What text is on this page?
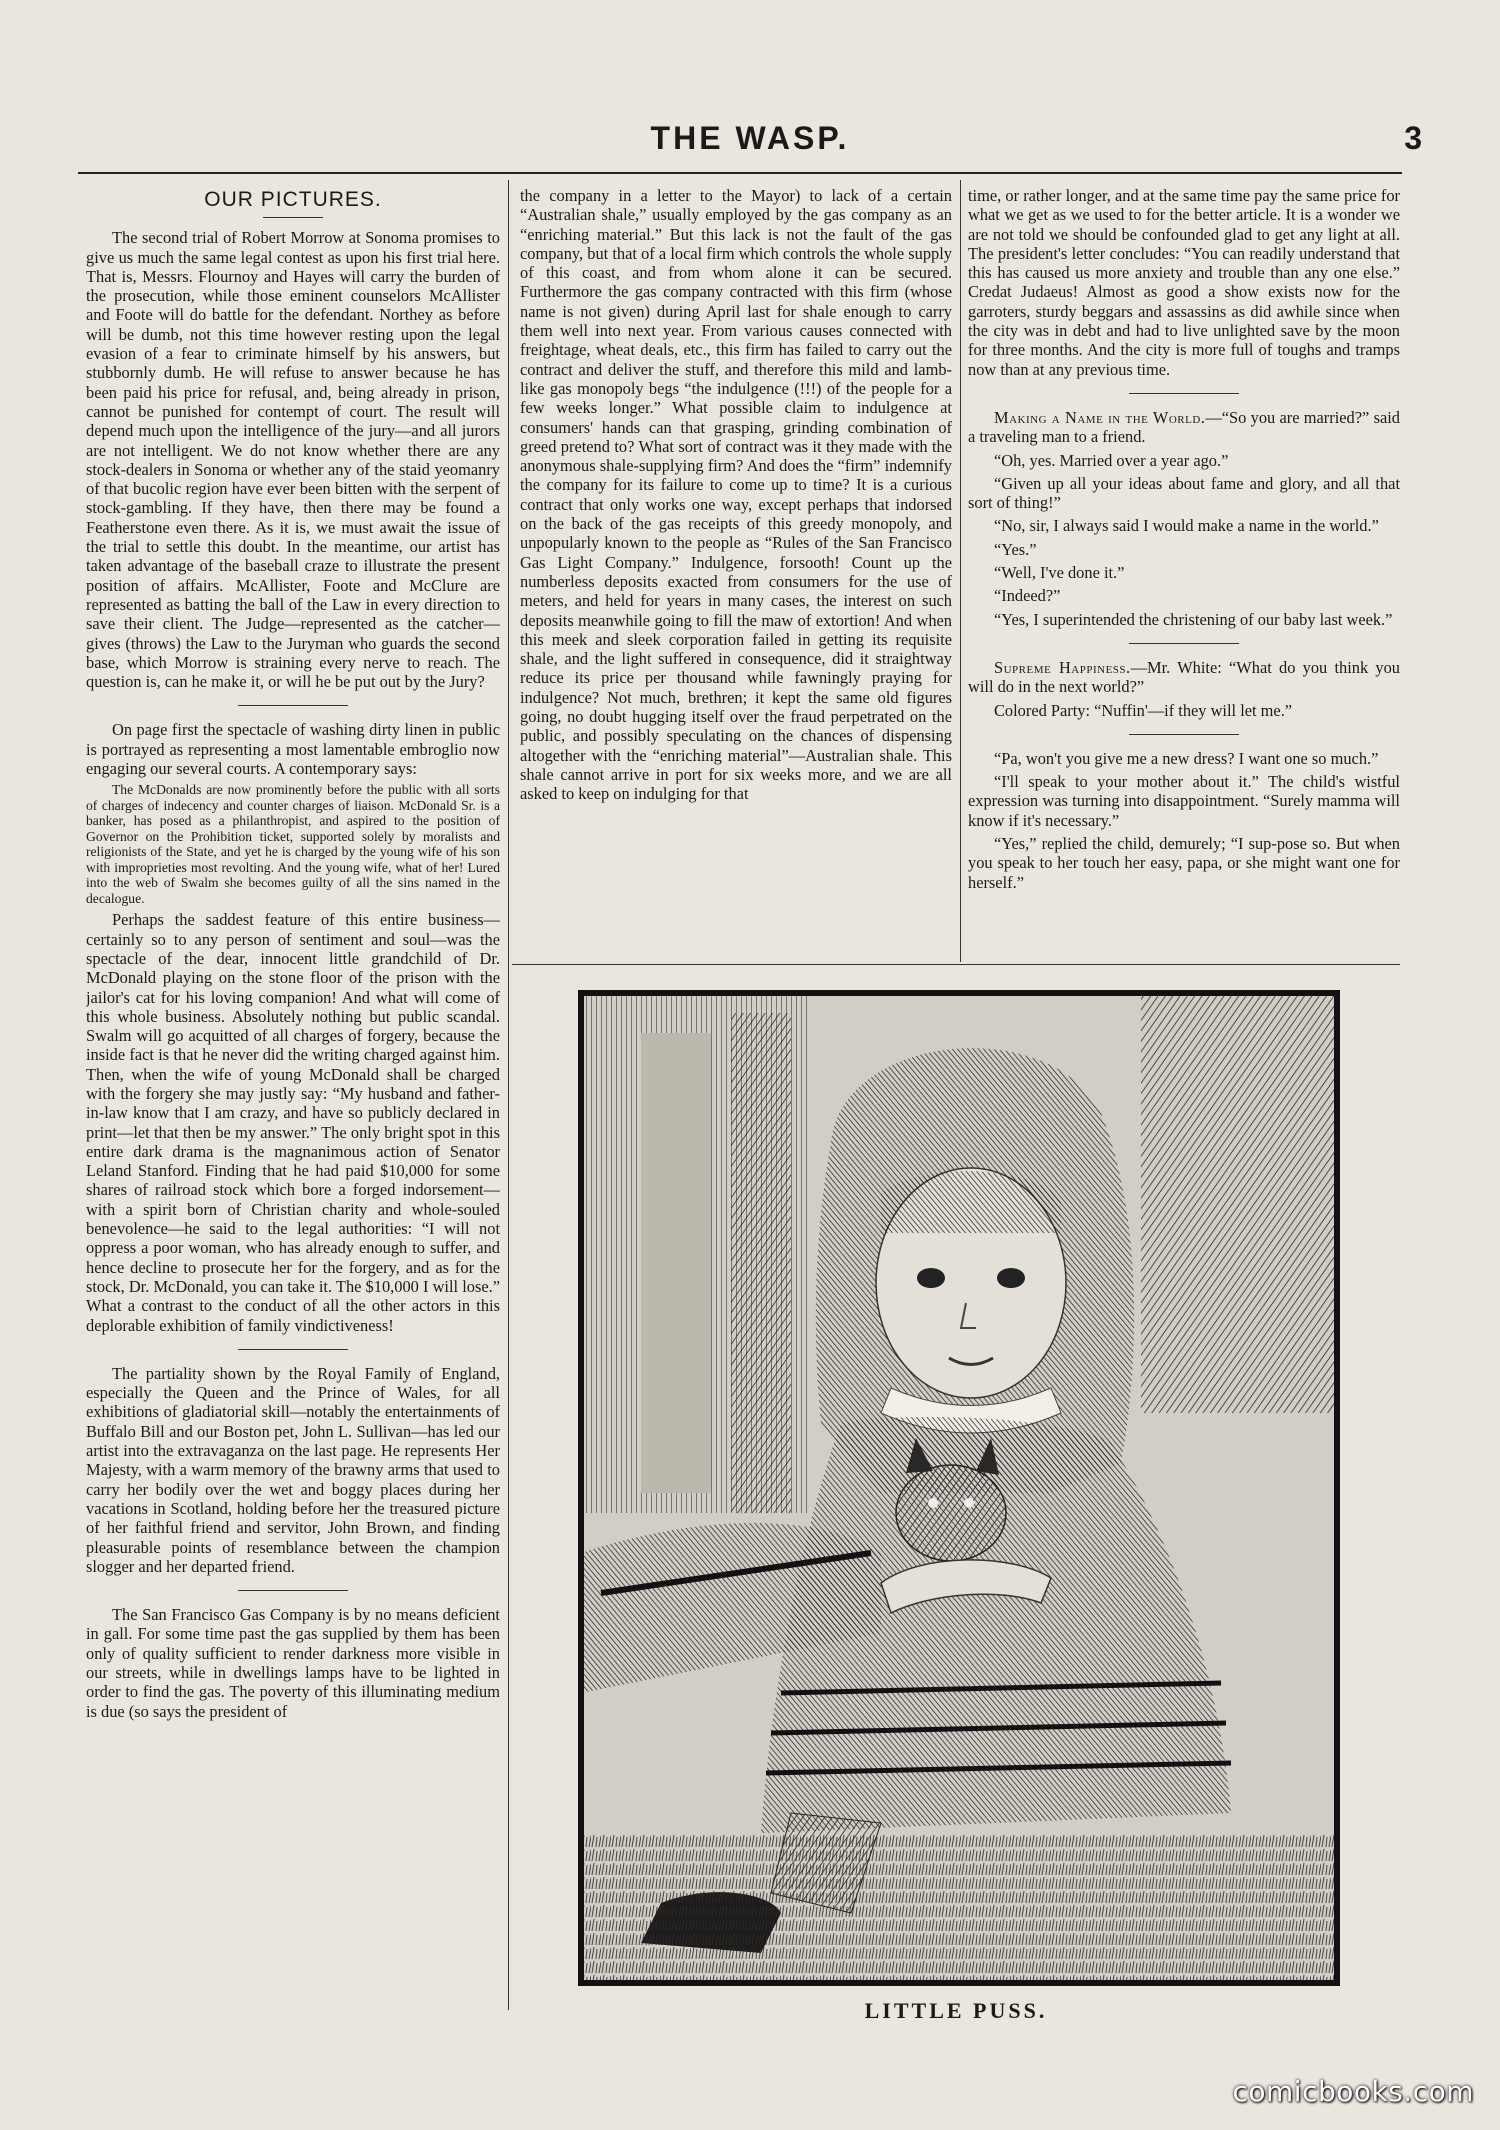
THE WASP.	3
OUR PICTURES.

The second trial of Robert Morrow at Sonoma promises to give us much the same legal contest as upon his first trial here. That is, Messrs. Flournoy and Hayes will carry the burden of the prosecution, while those eminent counselors McAllister and Foote will do battle for the defendant. Northey as before will be dumb, not this time however resting upon the legal evasion of a fear to criminate himself by his answers, but stubbornly dumb. He will refuse to answer because he has been paid his price for refusal, and, being already in prison, cannot be punished for contempt of court. The result will depend much upon the intelligence of the jury—and all jurors are not intelligent. We do not know whether there are any stock-dealers in Sonoma or whether any of the staid yeomanry of that bucolic region have ever been bitten with the serpent of stock-gambling. If they have, then there may be found a Featherstone even there. As it is, we must await the issue of the trial to settle this doubt. In the meantime, our artist has taken advantage of the baseball craze to illustrate the present position of affairs. McAllister, Foote and McClure are represented as batting the ball of the Law in every direction to save their client. The Judge—represented as the catcher—gives (throws) the Law to the Juryman who guards the second base, which Morrow is straining every nerve to reach. The question is, can he make it, or will he be put out by the Jury?

On page first the spectacle of washing dirty linen in public is portrayed as representing a most lamentable embroglio now engaging our several courts. A contemporary says:

The McDonalds are now prominently before the public with all sorts of charges of indecency and counter charges of liaison. McDonald Sr. is a banker, has posed as a philanthropist, and aspired to the position of Governor on the Prohibition ticket, supported solely by moralists and religionists of the State, and yet he is charged by the young wife of his son with improprieties most revolting. And the young wife, what of her! Lured into the web of Swalm she becomes guilty of all the sins named in the decalogue.

Perhaps the saddest feature of this entire business—certainly so to any person of sentiment and soul—was the spectacle of the dear, innocent little grandchild of Dr. McDonald playing on the stone floor of the prison with the jailor's cat for his loving companion! And what will come of this whole business. Absolutely nothing but public scandal. Swalm will go acquitted of all charges of forgery, because the inside fact is that he never did the writing charged against him. Then, when the wife of young McDonald shall be charged with the forgery she may justly say: “My husband and father-in-law know that I am crazy, and have so publicly declared in print—let that then be my answer.” The only bright spot in this entire dark drama is the magnanimous action of Senator Leland Stanford. Finding that he had paid $10,000 for some shares of railroad stock which bore a forged indorsement—with a spirit born of Christian charity and whole-souled benevolence—he said to the legal authorities: “I will not oppress a poor woman, who has already enough to suffer, and hence decline to prosecute her for the forgery, and as for the stock, Dr. McDonald, you can take it. The $10,000 I will lose.” What a contrast to the conduct of all the other actors in this deplorable exhibition of family vindictiveness!

The partiality shown by the Royal Family of England, especially the Queen and the Prince of Wales, for all exhibitions of gladiatorial skill—notably the entertainments of Buffalo Bill and our Boston pet, John L. Sullivan—has led our artist into the extravaganza on the last page. He represents Her Majesty, with a warm memory of the brawny arms that used to carry her bodily over the wet and boggy places during her vacations in Scotland, holding before her the treasured picture of her faithful friend and servitor, John Brown, and finding pleasurable points of resemblance between the champion slogger and her departed friend.

The San Francisco Gas Company is by no means deficient in gall. For some time past the gas supplied by them has been only of quality sufficient to render darkness more visible in our streets, while in dwellings lamps have to be lighted in order to find the gas. The poverty of this illuminating medium is due (so says the president of

the company in a letter to the Mayor) to lack of a certain “Australian shale,” usually employed by the gas company as an “enriching material.” But this lack is not the fault of the gas company, but that of a local firm which controls the whole supply of this coast, and from whom alone it can be secured. Furthermore the gas company contracted with this firm (whose name is not given) during April last for shale enough to carry them well into next year. From various causes connected with freightage, wheat deals, etc., this firm has failed to carry out the contract and deliver the stuff, and therefore this mild and lamb-like gas monopoly begs “the indulgence (!!!) of the people for a few weeks longer.” What possible claim to indulgence at consumers' hands can that grasping, grinding combination of greed pretend to? What sort of contract was it they made with the anonymous shale-supplying firm? And does the “firm” indemnify the company for its failure to come up to time? It is a curious contract that only works one way, except perhaps that indorsed on the back of the gas receipts of this greedy monopoly, and unpopularly known to the people as “Rules of the San Francisco Gas Light Company.” Indulgence, forsooth! Count up the numberless deposits exacted from consumers for the use of meters, and held for years in many cases, the interest on such deposits meanwhile going to fill the maw of extortion! And when this meek and sleek corporation failed in getting its requisite shale, and the light suffered in consequence, did it straightway reduce its price per thousand while fawningly praying for indulgence? Not much, brethren; it kept the same old figures going, no doubt hugging itself over the fraud perpetrated on the public, and possibly speculating on the chances of dispensing altogether with the “enriching material”—Australian shale. This shale cannot arrive in port for six weeks more, and we are all asked to keep on indulging for that

time, or rather longer, and at the same time pay the same price for what we get as we used to for the better article. It is a wonder we are not told we should be confounded glad to get any light at all. The president's letter concludes: “You can readily understand that this has caused us more anxiety and trouble than any one else.” Credat Judaeus! Almost as good a show exists now for the garroters, sturdy beggars and assassins as did awhile since when the city was in debt and had to live unlighted save by the moon for three months. And the city is more full of toughs and tramps now than at any previous time.

Making a Name in the World.—“So you are married?” said a traveling man to a friend.

“Oh, yes. Married over a year ago.”

“Given up all your ideas about fame and glory, and all that sort of thing!”

“No, sir, I always said I would make a name in the world.”

“Yes.”

“Well, I've done it.”

“Indeed?”

“Yes, I superintended the christening of our baby last week.”

Supreme Happiness.—Mr. White: “What do you think you will do in the next world?”

Colored Party: “Nuffin'—if they will let me.”

“Pa, won't you give me a new dress? I want one so much.”

“I'll speak to your mother about it.” The child's wistful expression was turning into disappointment. “Surely mamma will know if it's necessary.”

“Yes,” replied the child, demurely; “I sup-pose so. But when you speak to her touch her easy, papa, or she might want one for herself.”

LITTLE PUSS.
comicbooks.com
